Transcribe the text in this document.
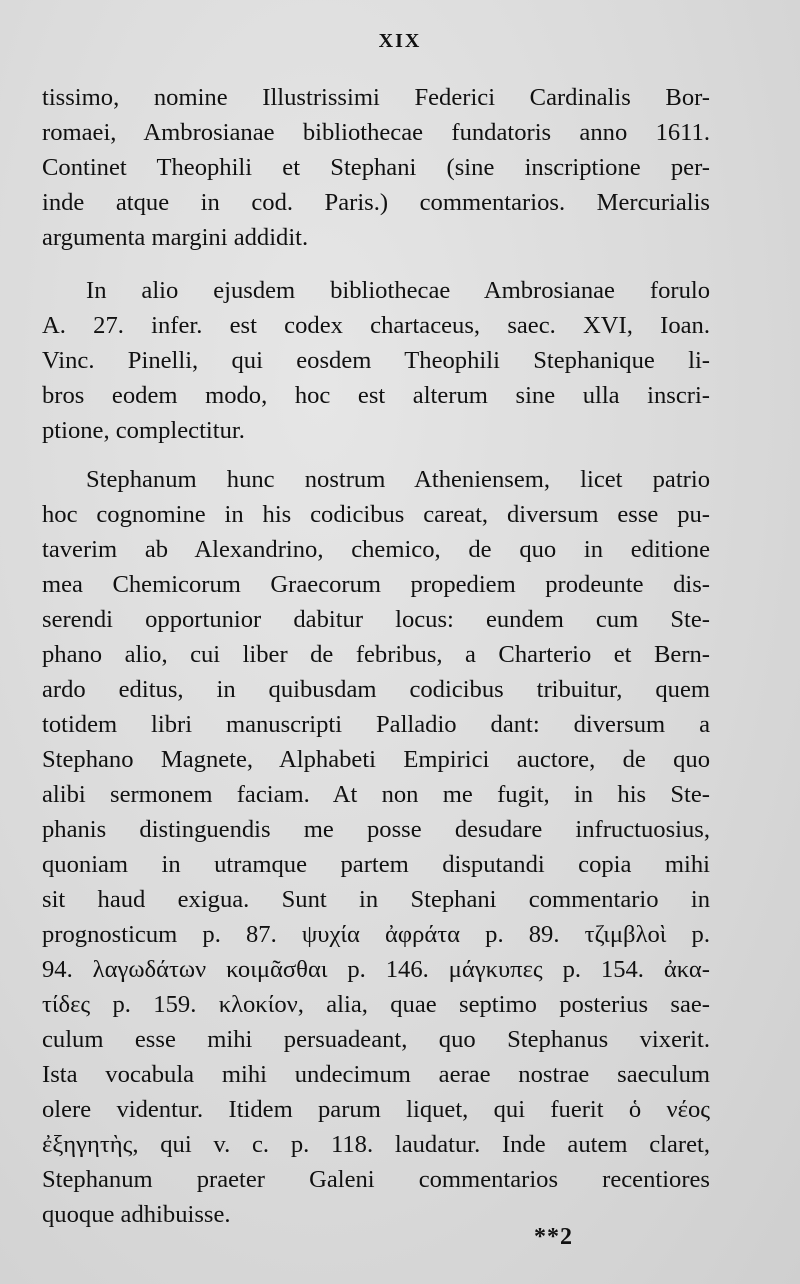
XIX

tissimo, nomine Illustrissimi Federici Cardinalis Bor-
romaei, Ambrosianae bibliothecae fundatoris anno 1611.
Continet Theophili et Stephani (sine inscriptione per-
inde atque in cod. Paris.) commentarios. Mercurialis
argumenta margini addidit.

In alio ejusdem bibliothecae Ambrosianae forulo
A. 27. infer. est codex chartaceus, saec. XVI, Ioan.
Vinc. Pinelli, qui eosdem Theophili Stephanique li-
bros eodem modo, hoc est alterum sine ulla inscri-
ptione, complectitur.

Stephanum hunc nostrum Atheniensem, licet patrio
hoc cognomine in his codicibus careat, diversum esse pu-
taverim ab Alexandrino, chemico, de quo in editione
mea Chemicorum Graecorum propediem prodeunte dis-
serendi opportunior dabitur locus: eundem cum Ste-
phano alio, cui liber de febribus, a Charterio et Bern-
ardo editus, in quibusdam codicibus tribuitur, quem
totidem libri manuscripti Palladio dant: diversum a
Stephano Magnete, Alphabeti Empirici auctore, de quo
alibi sermonem faciam. At non me fugit, in his Ste-
phanis distinguendis me posse desudare infructuosius,
quoniam in utramque partem disputandi copia mihi
sit haud exigua. Sunt in Stephani commentario in
prognosticum p. 87. ψυχία ἀφράτα p. 89. τζιμβλοὶ p.
94. λαγωδάτων κοιμᾶσθαι p. 146. μάγκυπες p. 154. ἀκα-
τίδες p. 159. κλοκίον, alia, quae septimo posterius sae-
culum esse mihi persuadeant, quo Stephanus vixerit.
Ista vocabula mihi undecimum aerae nostrae saeculum
olere videntur. Itidem parum liquet, qui fuerit ὁ νέος
ἐξηγητὴς, qui v. c. p. 118. laudatur. Inde autem claret,
Stephanum praeter Galeni commentarios recentiores
quoque adhibuisse.

**2
